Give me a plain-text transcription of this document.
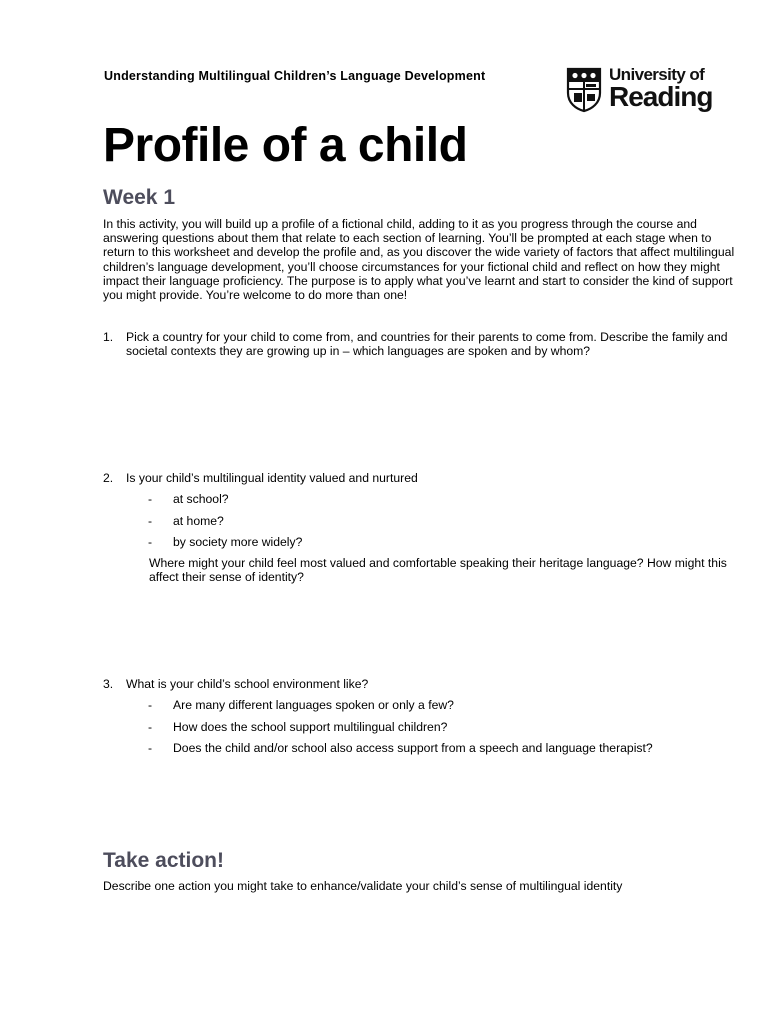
Understanding Multilingual Children’s Language Development	University of
Reading
Profile of a child
Week 1

In this activity, you will build up a profile of a fictional child, adding to it as you progress through the course and answering questions about them that relate to each section of learning. You’ll be prompted at each stage when to return to this worksheet and develop the profile and, as you discover the wide variety of factors that affect multilingual children’s language development, you’ll choose circumstances for your fictional child and reflect on how they might impact their language proficiency. The purpose is to apply what you’ve learnt and start to consider the kind of support you might provide. You’re welcome to do more than one!

1. Pick a country for your child to come from, and countries for their parents to come from. Describe the family and societal contexts they are growing up in – which languages are spoken and by whom?
2. Is your child’s multilingual identity valued and nurtured
- at school?
- at home?
- by society more widely?
Where might your child feel most valued and comfortable speaking their heritage language? How might this affect their sense of identity?
3. What is your child’s school environment like?
- Are many different languages spoken or only a few?
- How does the school support multilingual children?
- Does the child and/or school also access support from a speech and language therapist?
Take action!
Describe one action you might take to enhance/validate your child’s sense of multilingual identity
